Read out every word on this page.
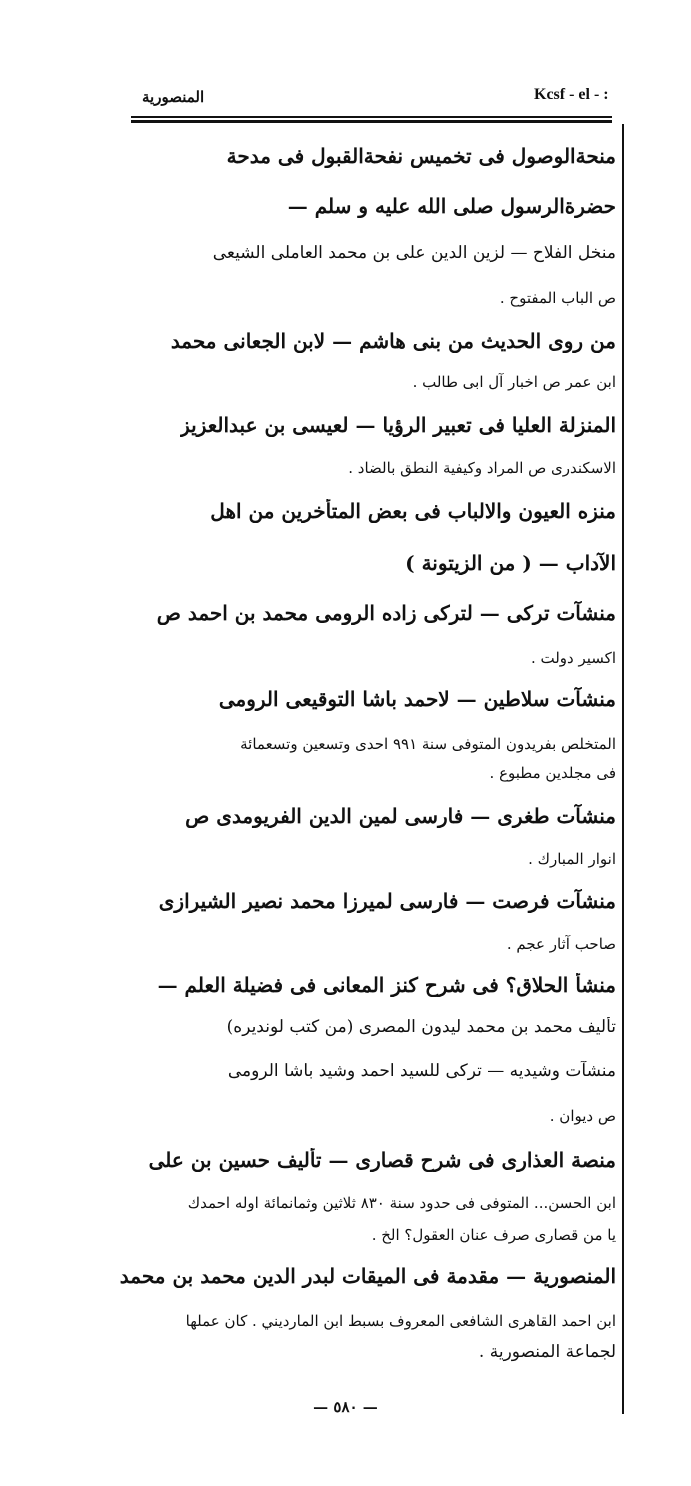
المنصورية	Kcsf - el - :
منحةالوصول فى تخميس نفحةالقبول فى مدحة
حضرةالرسول صلى الله عليه و سلم —
منخل الفلاح — لزين الدين على بن محمد العاملى الشيعى
ص الباب المفتوح .
من روى الحديث من بنى هاشم — لابن الجعانى محمد
ابن عمر ص اخبار آل ابى طالب .
المنزلة العليا فى تعبير الرؤيا — لعيسى بن عبدالعزيز
الاسكندرى ص المراد وكيفية النطق بالضاد .
منزه العيون والالباب فى بعض المتأخرين من اهل
الآداب — ( من الزيتونة )
منشآت تركى — لتركى زاده الرومى محمد بن احمد ص
اكسير دولت .
منشآت سلاطين — لاحمد باشا التوقيعى الرومى
المتخلص بفريدون المتوفى سنة ٩٩١ احدى وتسعين وتسعمائة
فى مجلدين مطبوع .
منشآت طغرى — فارسى لمين الدين الفريومدى ص
انوار المبارك .
منشآت فرصت — فارسى لميرزا محمد نصير الشيرازى
صاحب آثار عجم .
منشأ الحلاق؟ فى شرح كنز المعانى فى فضيلة العلم —
تأليف محمد بن محمد ليدون المصرى (من كتب لونديره)
منشآت وشيديه — تركى للسيد احمد وشيد باشا الرومى
ص ديوان .
منصة العذارى فى شرح قصارى — تأليف حسين بن على
ابن الحسن... المتوفى فى حدود سنة ٨٣٠ ثلاثين وثمانمائة اوله احمدك
يا من قصارى صرف عنان العقول؟ الخ .
المنصورية — مقدمة فى الميقات لبدر الدين محمد بن محمد
ابن احمد القاهرى الشافعى المعروف بسبط ابن المارديني . كان عملها
لجماعة المنصورية .
— ٥٨٠ —
